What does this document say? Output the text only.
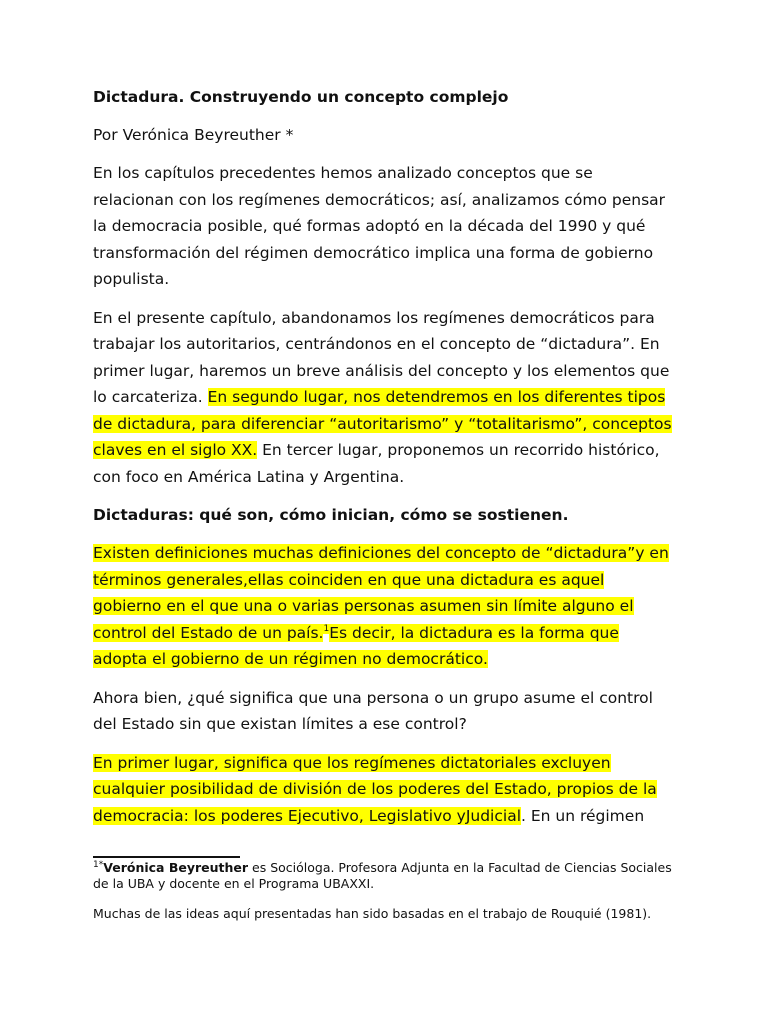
Dictadura. Construyendo un concepto complejo

Por Verónica Beyreuther *

En los capítulos precedentes hemos analizado conceptos que se relacionan con los regímenes democráticos; así, analizamos cómo pensar la democracia posible, qué formas adoptó en la década del 1990 y qué transformación del régimen democrático implica una forma de gobierno populista.

En el presente capítulo, abandonamos los regímenes democráticos para trabajar los autoritarios, centrándonos en el concepto de “dictadura”. En primer lugar, haremos un breve análisis del concepto y los elementos que lo carcateriza. En segundo lugar, nos detendremos en los diferentes tipos de dictadura, para diferenciar “autoritarismo” y “totalitarismo”, conceptos claves en el siglo XX. En tercer lugar, proponemos un recorrido histórico, con foco en América Latina y Argentina.

Dictaduras: qué son, cómo inician, cómo se sostienen.

Existen definiciones muchas definiciones del concepto de “dictadura”y en términos generales,ellas coinciden en que una dictadura es aquel gobierno en el que una o varias personas asumen sin límite alguno el control del Estado de un país.$^1$Es decir, la dictadura es la forma que adopta el gobierno de un régimen no democrático.

Ahora bien, ¿qué significa que una persona o un grupo asume el control del Estado sin que existan límites a ese control?

En primer lugar, significa que los regímenes dictatoriales excluyen cualquier posibilidad de división de los poderes del Estado, propios de la democracia: los poderes Ejecutivo, Legislativo yJudicial. En un régimen

$^{1*}$Verónica Beyreuther es Socióloga. Profesora Adjunta en la Facultad de Ciencias Sociales de la UBA y docente en el Programa UBAXXI.

Muchas de las ideas aquí presentadas han sido basadas en el trabajo de Rouquié (1981).
